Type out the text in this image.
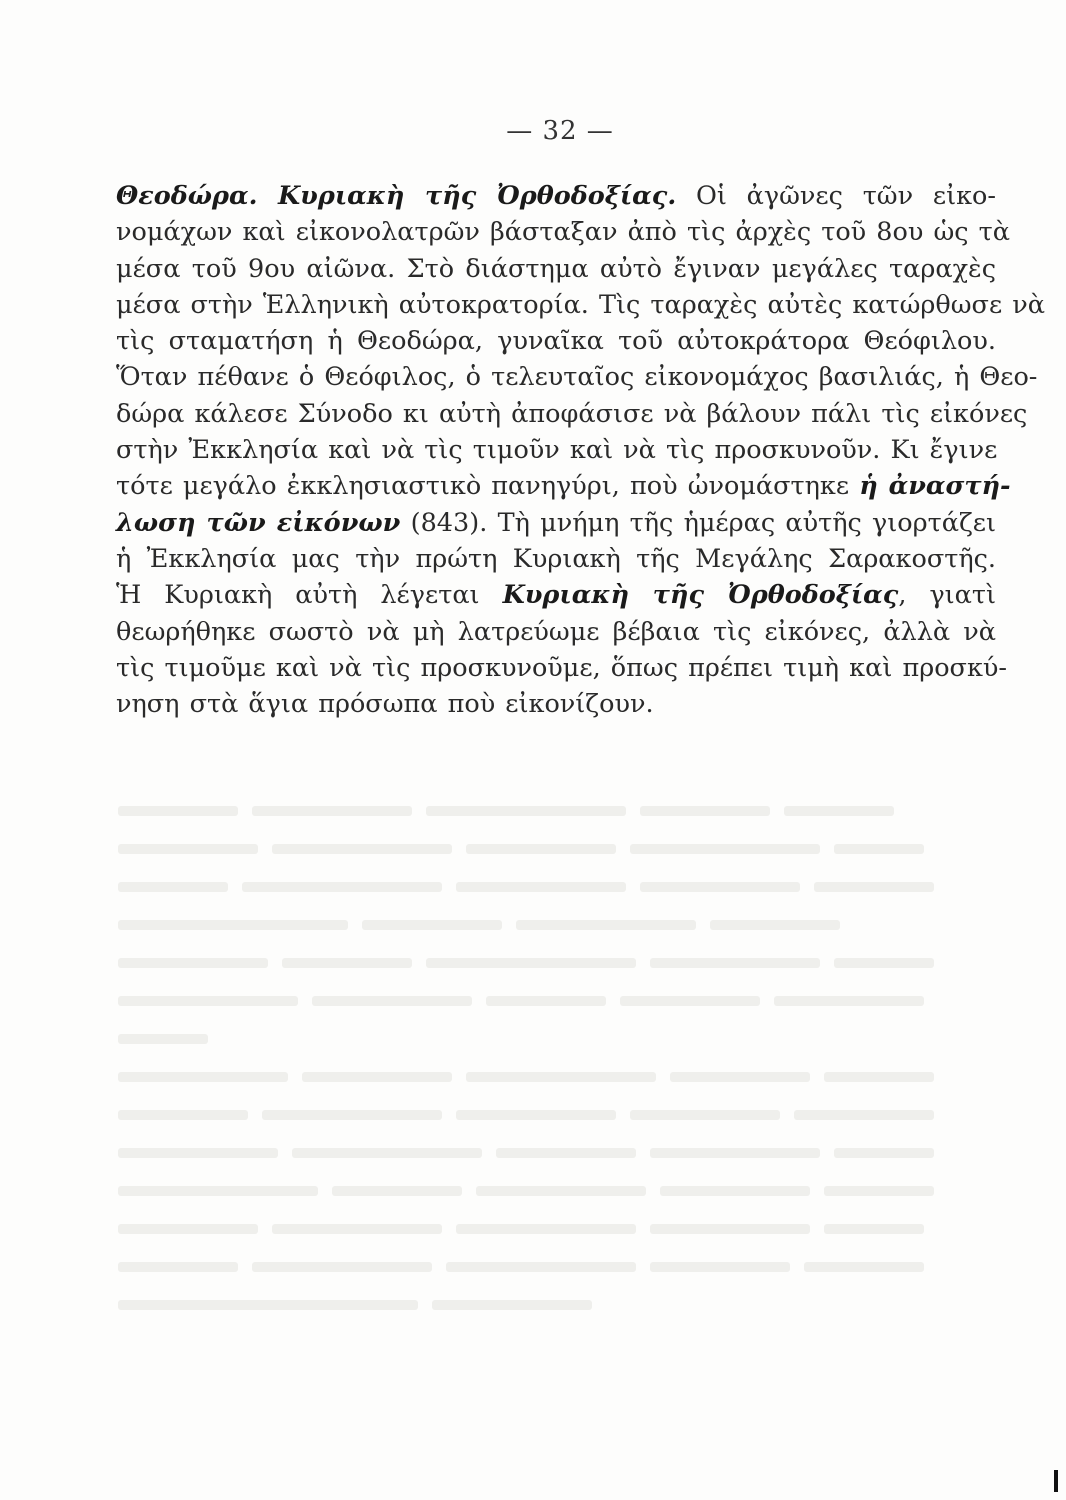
— 32 —
Θεοδώρα. Κυριακὴ τῆς Ὀρθοδοξίας. Οἱ ἀγῶνες τῶν εἰκο-
νομάχων καὶ εἰκονολατρῶν βάσταξαν ἀπὸ τὶς ἀρχὲς τοῦ 8ου ὡς τὰ
μέσα τοῦ 9ου αἰῶνα. Στὸ διάστημα αὐτὸ ἔγιναν μεγάλες ταραχὲς
μέσα στὴν Ἑλληνικὴ αὐτοκρατορία. Τὶς ταραχὲς αὐτὲς κατώρθωσε νὰ
τὶς σταματήση ἡ Θεοδώρα, γυναῖκα τοῦ αὐτοκράτορα Θεόφιλου.
Ὅταν πέθανε ὁ Θεόφιλος, ὁ τελευταῖος εἰκονομάχος βασιλιάς, ἡ Θεο-
δώρα κάλεσε Σύνοδο κι αὐτὴ ἀποφάσισε νὰ βάλουν πάλι τὶς εἰκόνες
στὴν Ἐκκλησία καὶ νὰ τὶς τιμοῦν καὶ νὰ τὶς προσκυνοῦν. Κι ἔγινε
τότε μεγάλο ἐκκλησιαστικὸ πανηγύρι, ποὺ ὠνομάστηκε ἡ ἀναστή-
λωση τῶν εἰκόνων (843). Τὴ μνήμη τῆς ἡμέρας αὐτῆς γιορτάζει
ἡ Ἐκκλησία μας τὴν πρώτη Κυριακὴ τῆς Μεγάλης Σαρακοστῆς.
Ἡ Κυριακὴ αὐτὴ λέγεται Κυριακὴ τῆς Ὀρθοδοξίας, γιατὶ
θεωρήθηκε σωστὸ νὰ μὴ λατρεύωμε βέβαια τὶς εἰκόνες, ἀλλὰ νὰ
τὶς τιμοῦμε καὶ νὰ τὶς προσκυνοῦμε, ὅπως πρέπει τιμὴ καὶ προσκύ-
νηση στὰ ἅγια πρόσωπα ποὺ εἰκονίζουν.
